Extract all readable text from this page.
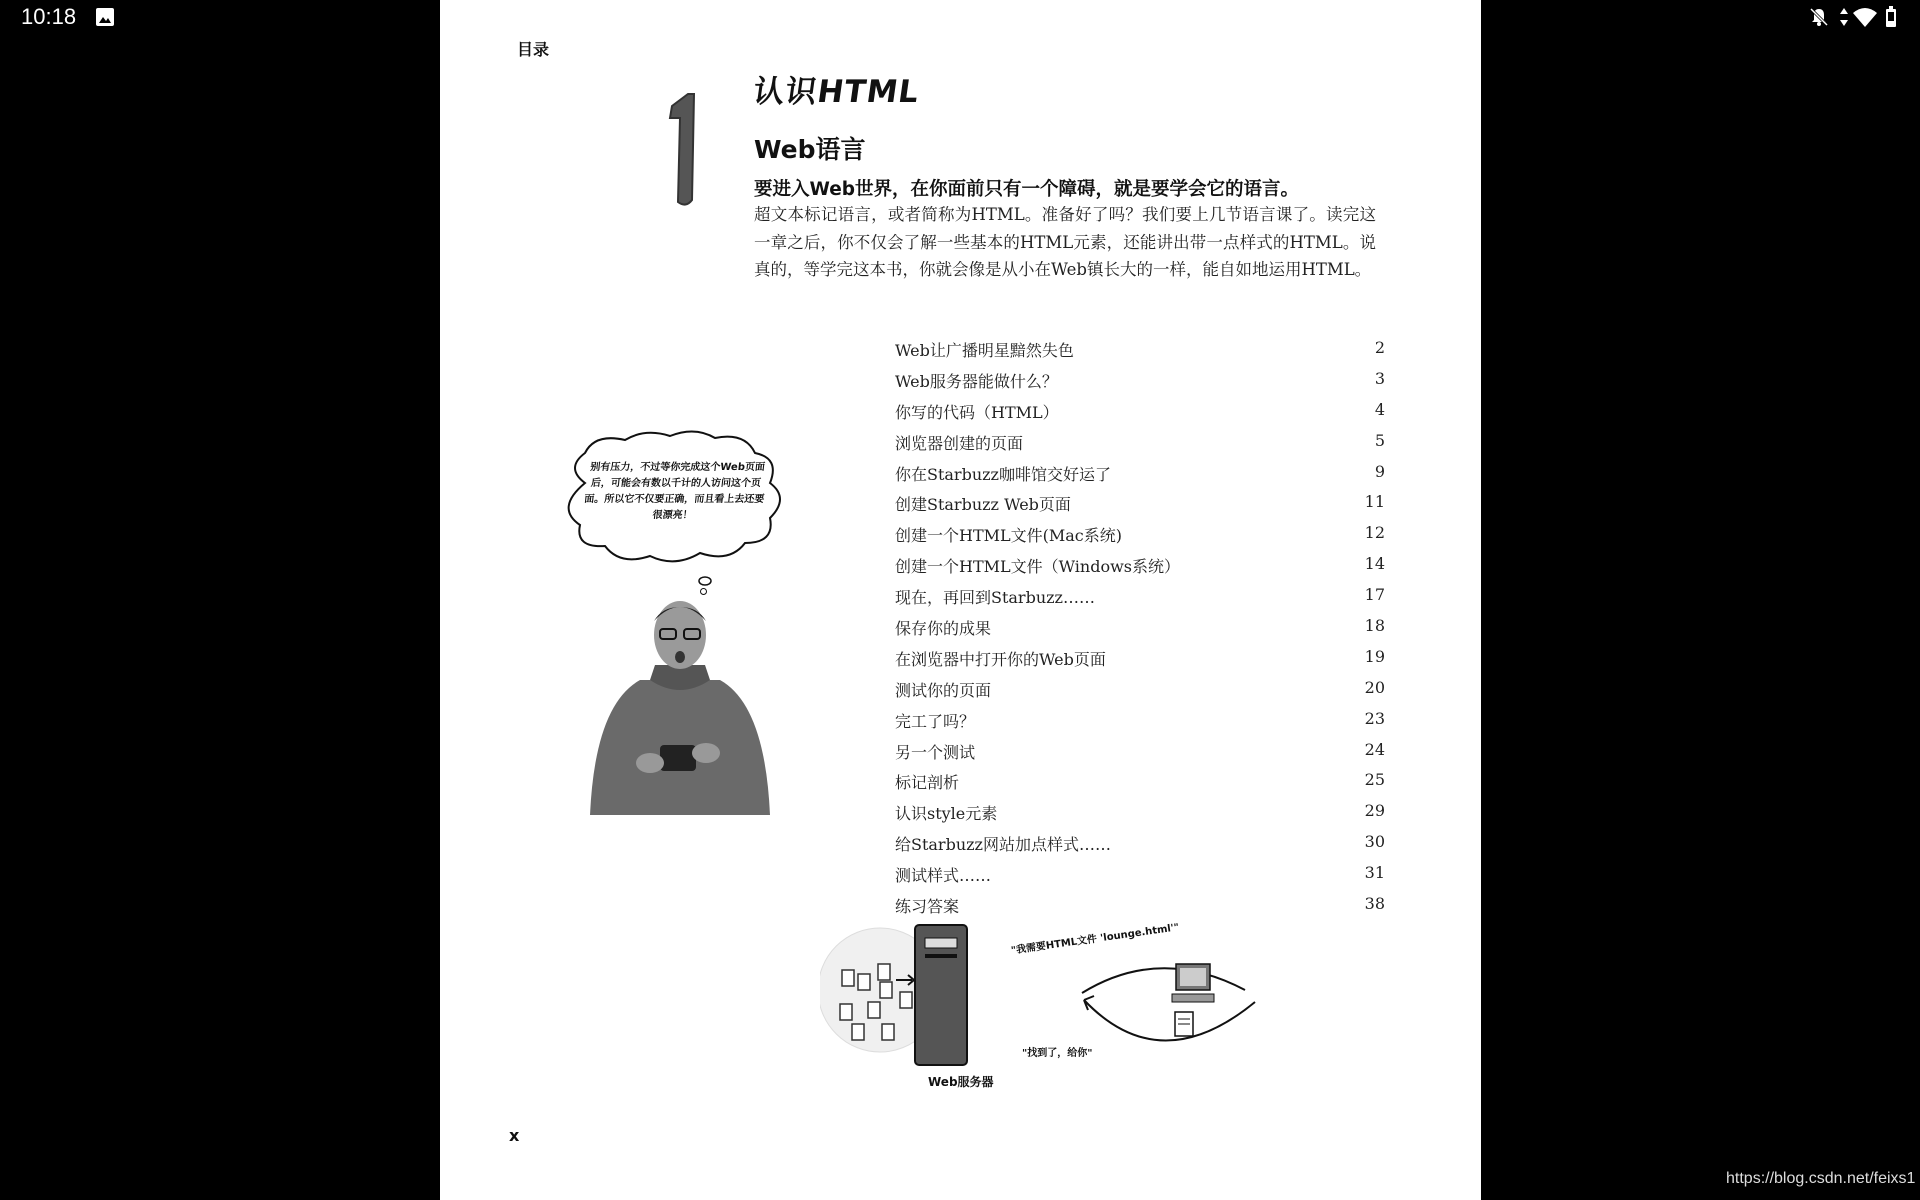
10:18
目录
认识HTML
Web语言
要进入Web世界，在你面前只有一个障碍，就是要学会它的语言。
超文本标记语言，或者简称为HTML。准备好了吗？我们要上几节语言课了。读完这一章之后，你不仅会了解一些基本的HTML元素，还能讲出带一点样式的HTML。说真的，等学完这本书，你就会像是从小在Web镇长大的一样，能自如地运用HTML。
Web让广播明星黯然失色	2
Web服务器能做什么？	3
你写的代码（HTML）	4
浏览器创建的页面	5
你在Starbuzz咖啡馆交好运了	9
创建Starbuzz Web页面	11
创建一个HTML文件(Mac系统)	12
创建一个HTML文件（Windows系统）	14
现在，再回到Starbuzz……	17
保存你的成果	18
在浏览器中打开你的Web页面	19
测试你的页面	20
完工了吗？	23
另一个测试	24
标记剖析	25
认识style元素	29
给Starbuzz网站加点样式……	30
测试样式……	31
练习答案	38
别有压力，不过等你完成这个Web页面后，可能会有数以千计的人访问这个页面。所以它不仅要正确，而且看上去还要很漂亮！
"我需要HTML文件 'lounge.html'"
"找到了，给你"
Web服务器
x
https://blog.csdn.net/feixs1
